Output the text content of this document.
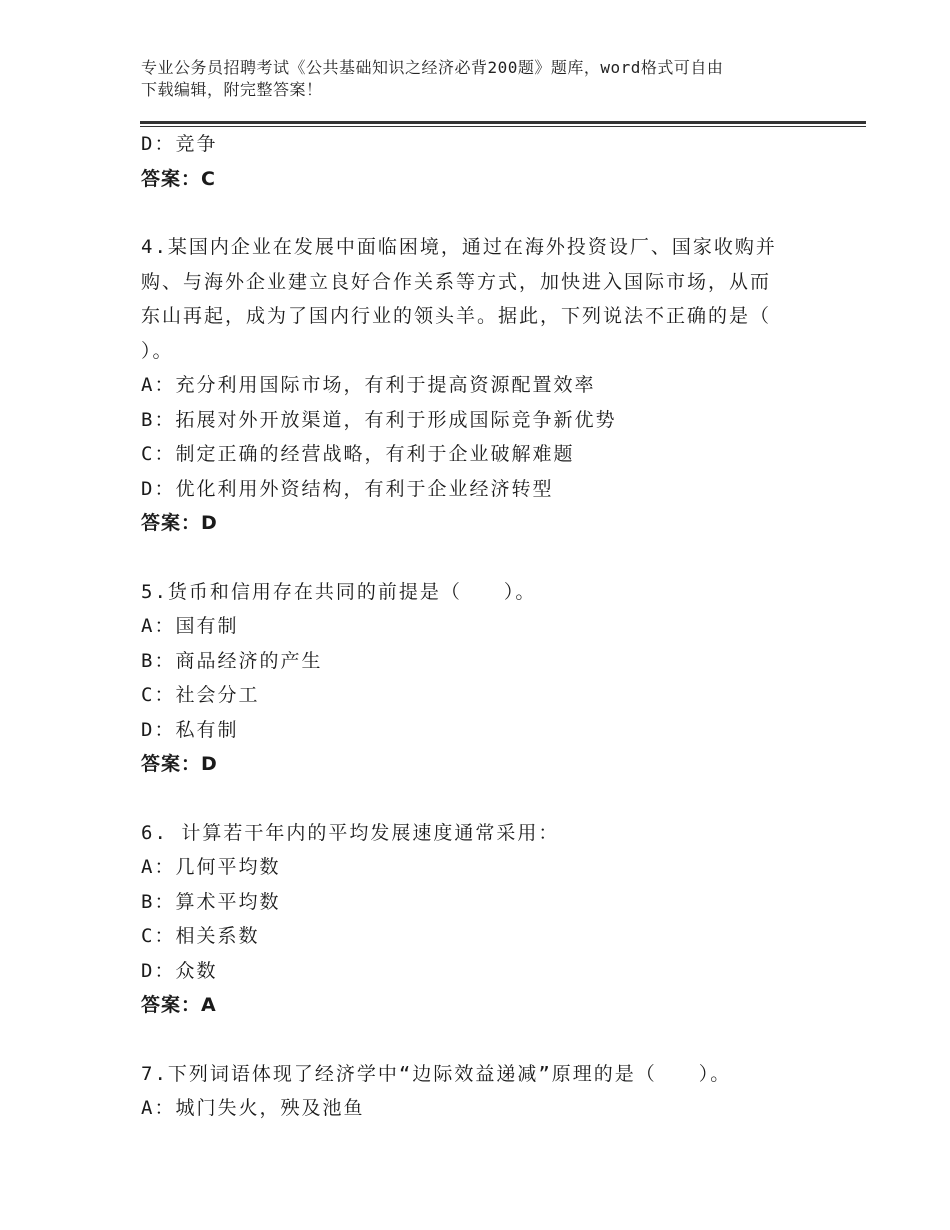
专业公务员招聘考试《公共基础知识之经济必背200题》题库，word格式可自由
下载编辑，附完整答案！
D：竞争
答案：C
4.某国内企业在发展中面临困境，通过在海外投资设厂、国家收购并
购、与海外企业建立良好合作关系等方式，加快进入国际市场，从而
东山再起，成为了国内行业的领头羊。据此，下列说法不正确的是（
）。
A：充分利用国际市场，有利于提高资源配置效率
B：拓展对外开放渠道，有利于形成国际竞争新优势
C：制定正确的经营战略，有利于企业破解难题
D：优化利用外资结构，有利于企业经济转型
答案：D
5.货币和信用存在共同的前提是（　　）。
A：国有制
B：商品经济的产生
C：社会分工
D：私有制
答案：D
6. 计算若干年内的平均发展速度通常采用：
A：几何平均数
B：算术平均数
C：相关系数
D：众数
答案：A
7.下列词语体现了经济学中“边际效益递减”原理的是（　　）。
A：城门失火，殃及池鱼
